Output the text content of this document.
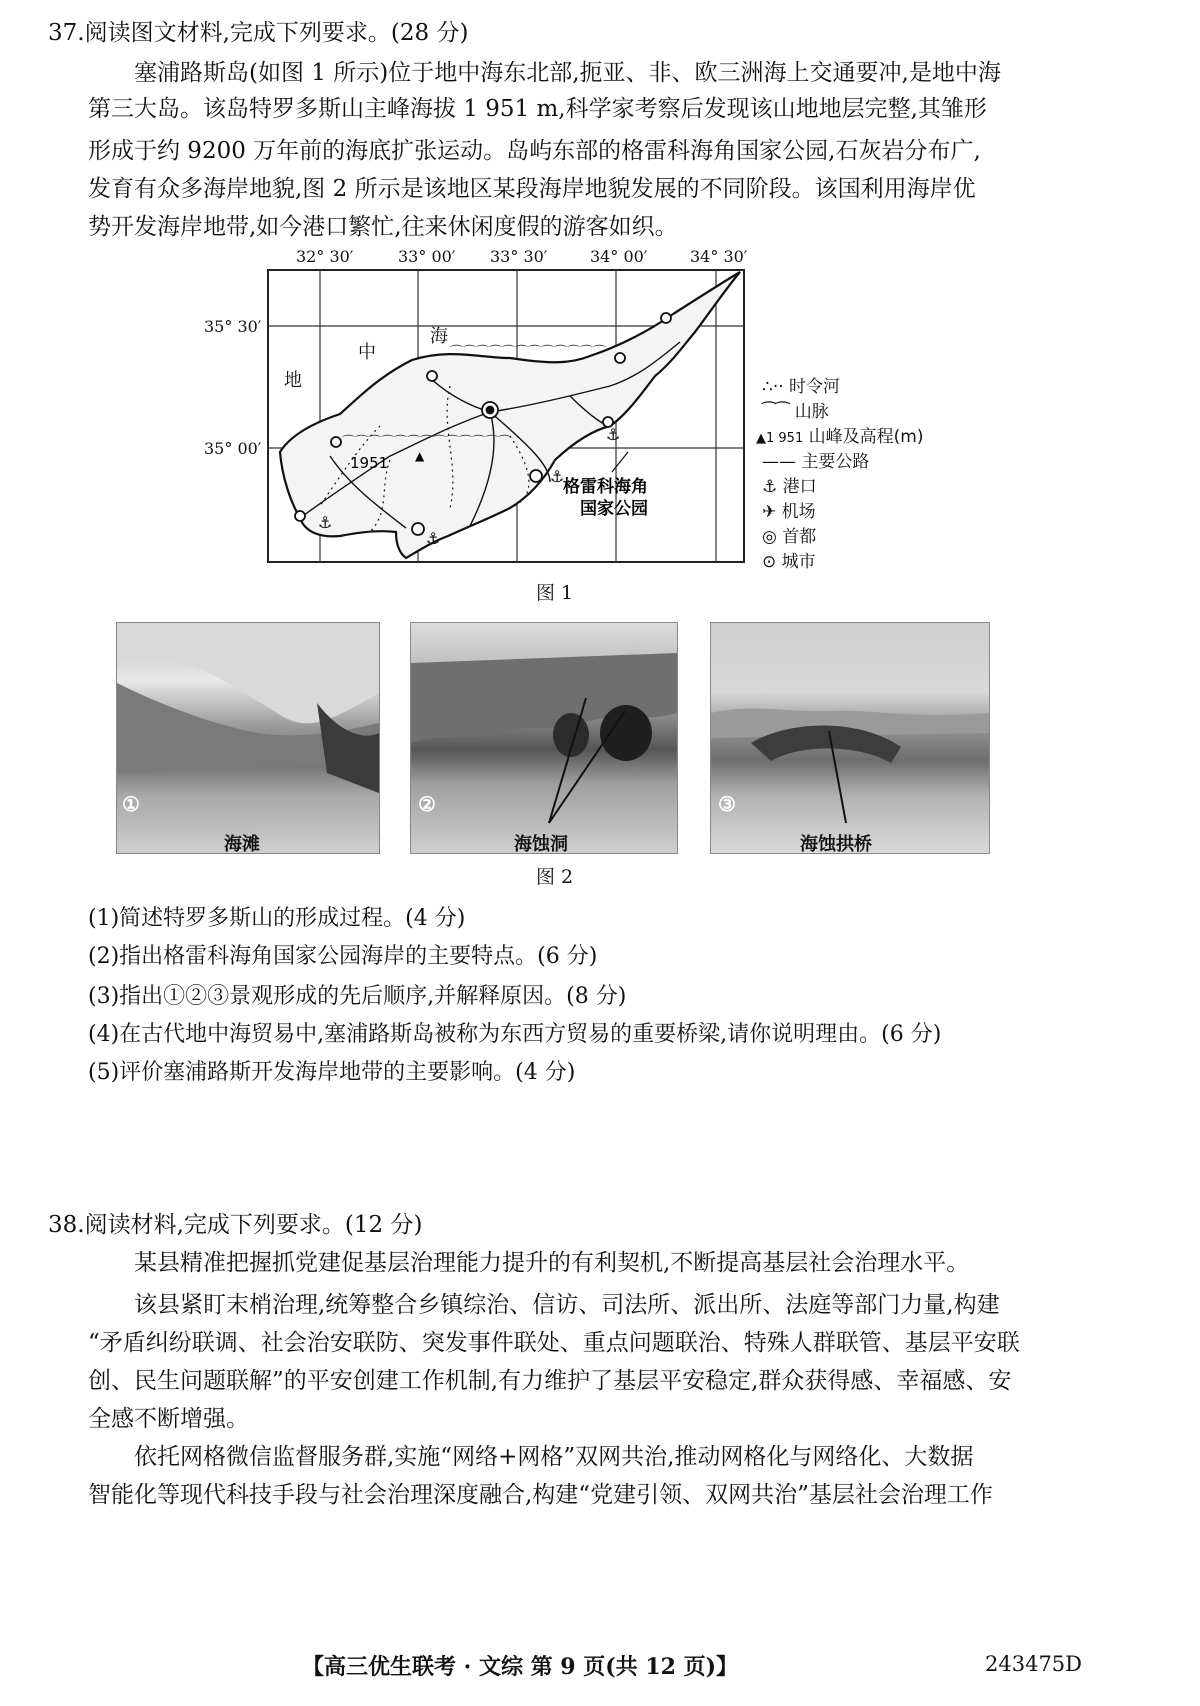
37.阅读图文材料,完成下列要求。(28 分)
塞浦路斯岛(如图 1 所示)位于地中海东北部,扼亚、非、欧三洲海上交通要冲,是地中海
第三大岛。该岛特罗多斯山主峰海拔 1 951 m,科学家考察后发现该山地地层完整,其雏形
形成于约 9200 万年前的海底扩张运动。岛屿东部的格雷科海角国家公园,石灰岩分布广,
发育有众多海岸地貌,图 2 所示是该地区某段海岸地貌发展的不同阶段。该国利用海岸优
势开发海岸地带,如今港口繁忙,往来休闲度假的游客如织。
⌒⌒⌒⌒⌒⌒⌒⌒⌒⌒⌒⌒
⌒⌒⌒⌒⌒⌒⌒⌒⌒⌒⌒⌒⌒
⚓
⚓
⚓
⚓
32° 30′	33° 00′ 33° 30′	34° 00′	34° 30′
35° 30′
35° 00′
地
中
海
1951 ▲
格雷科海角
国家公园
∴·· 时令河
⁀⁀ 山脉
▲1 951 山峰及高程(m)
—— 主要公路
⚓ 港口
✈ 机场
◎ 首都
⊙ 城市
图 1
①	②	③
海滩	海蚀洞	海蚀拱桥
图 2
(1)简述特罗多斯山的形成过程。(4 分)
(2)指出格雷科海角国家公园海岸的主要特点。(6 分)
(3)指出①②③景观形成的先后顺序,并解释原因。(8 分)
(4)在古代地中海贸易中,塞浦路斯岛被称为东西方贸易的重要桥梁,请你说明理由。(6 分)
(5)评价塞浦路斯开发海岸地带的主要影响。(4 分)
38.阅读材料,完成下列要求。(12 分)
某县精准把握抓党建促基层治理能力提升的有利契机,不断提高基层社会治理水平。
该县紧盯末梢治理,统筹整合乡镇综治、信访、司法所、派出所、法庭等部门力量,构建
“矛盾纠纷联调、社会治安联防、突发事件联处、重点问题联治、特殊人群联管、基层平安联
创、民生问题联解”的平安创建工作机制,有力维护了基层平安稳定,群众获得感、幸福感、安
全感不断增强。
依托网格微信监督服务群,实施“网络+网格”双网共治,推动网格化与网络化、大数据
智能化等现代科技手段与社会治理深度融合,构建“党建引领、双网共治”基层社会治理工作
【高三优生联考 · 文综 第 9 页(共 12 页)】	243475D
